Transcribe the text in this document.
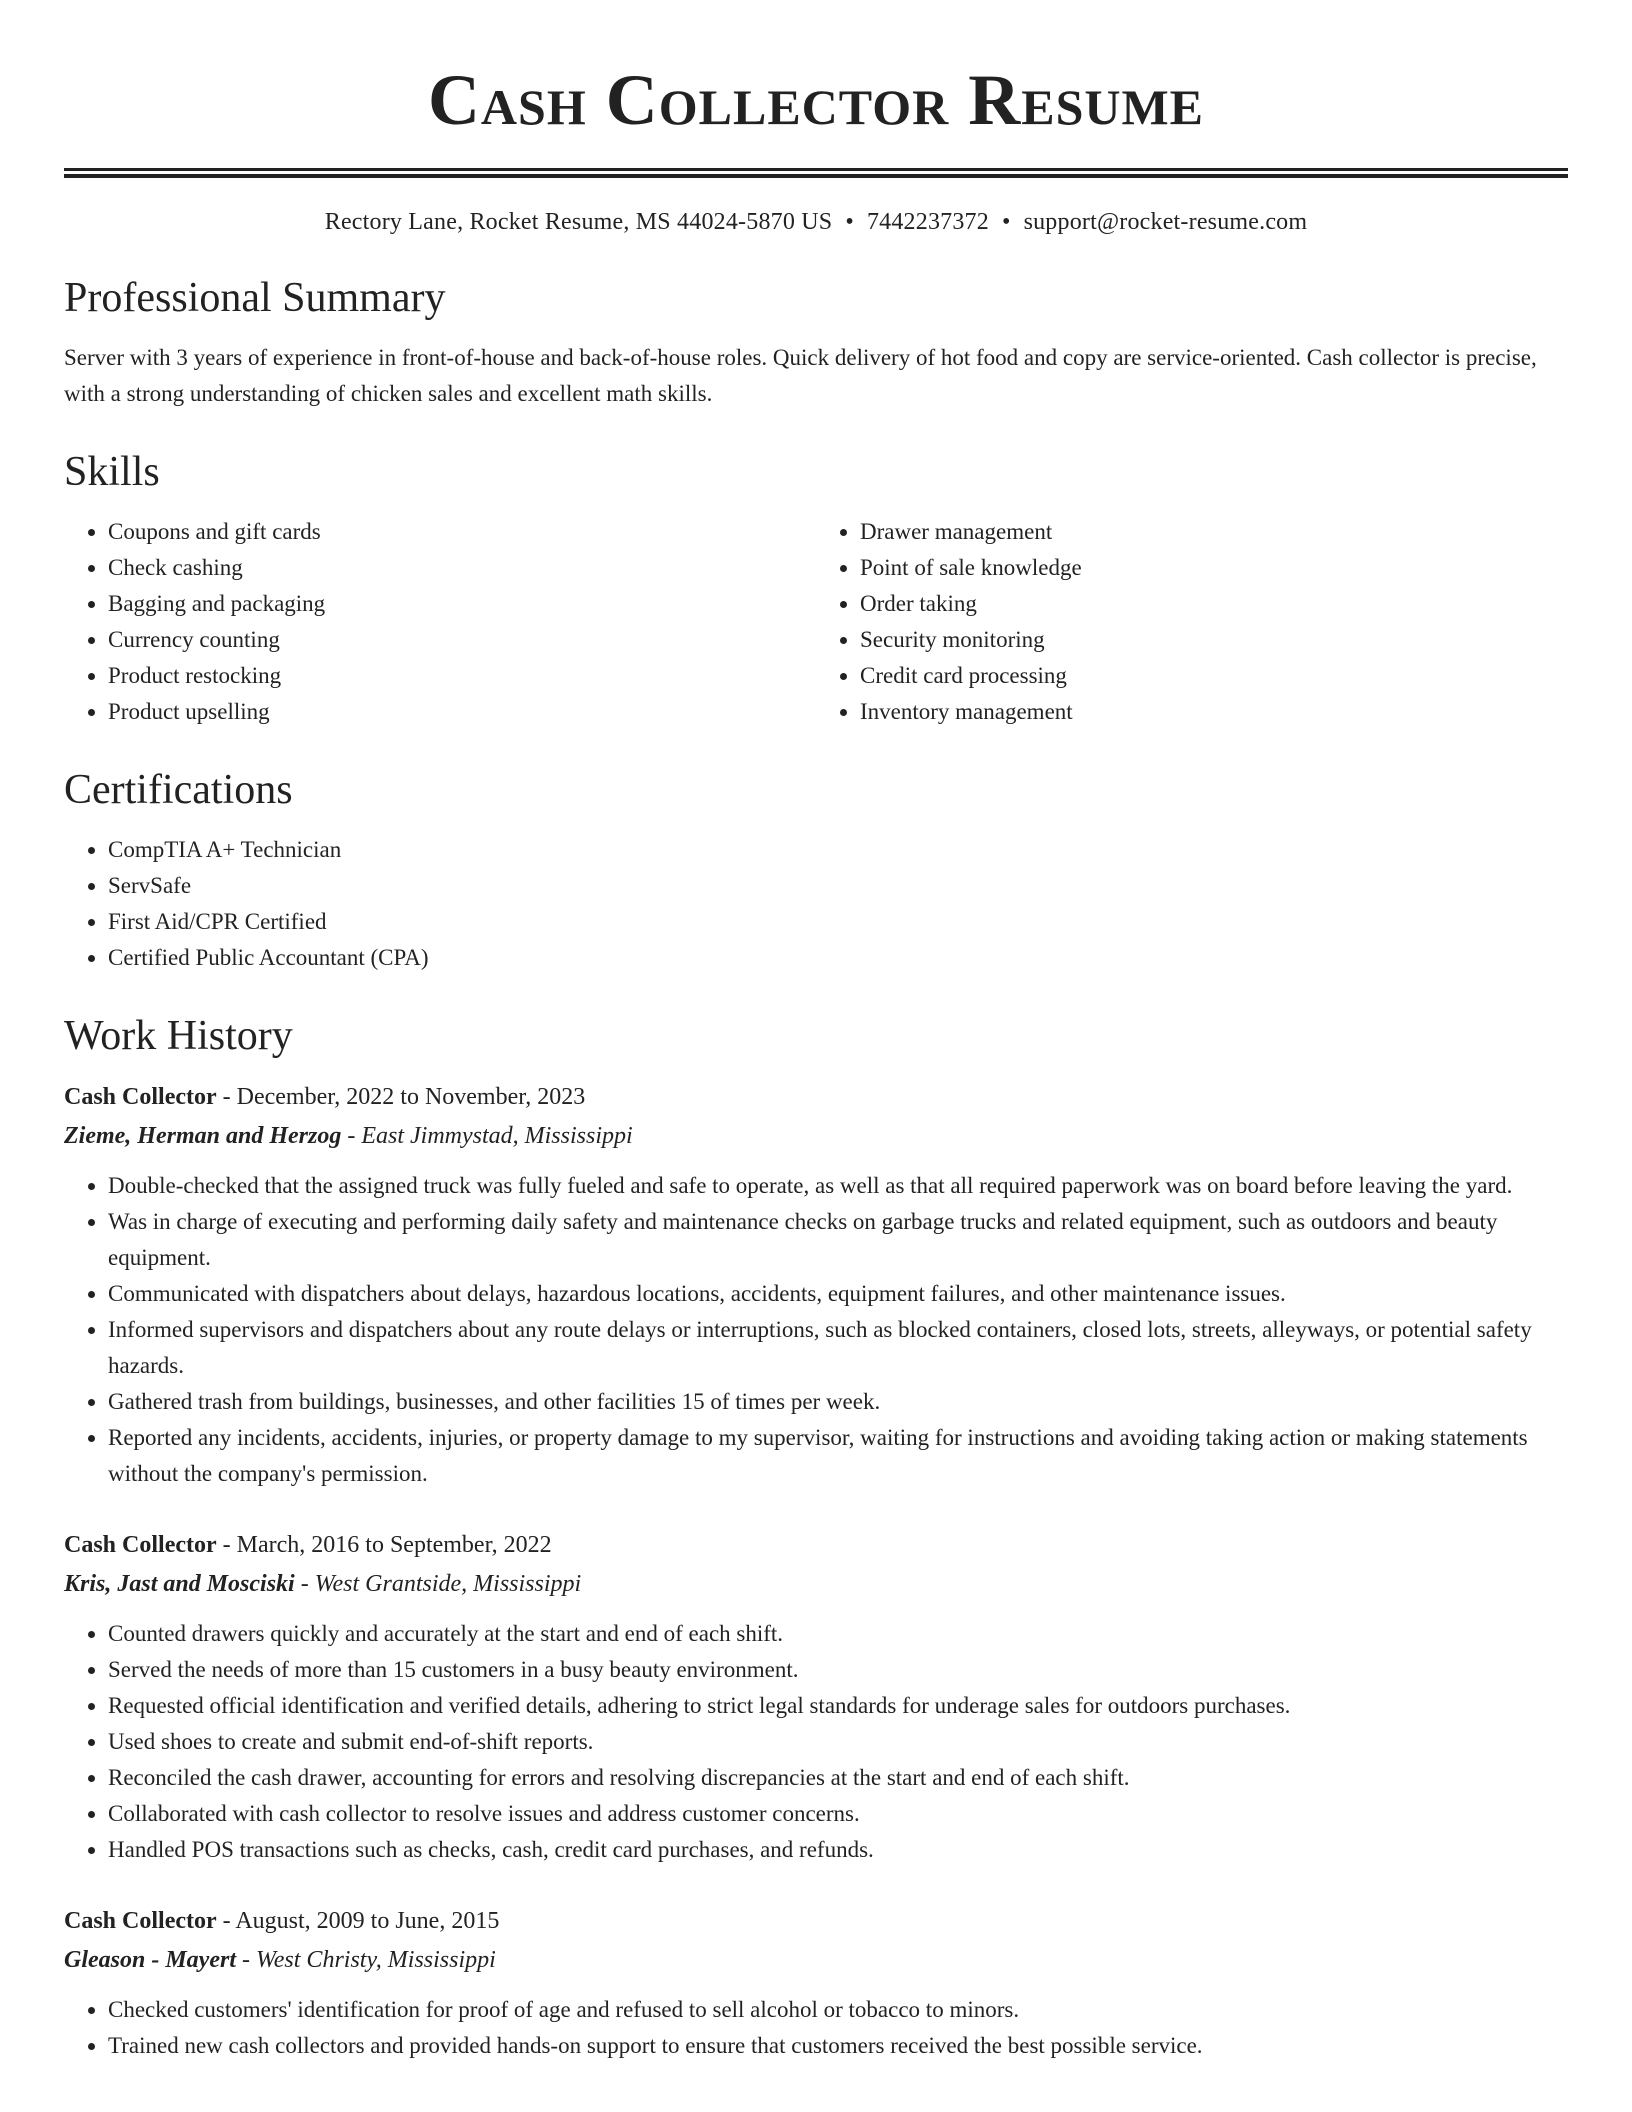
Cash Collector Resume
Rectory Lane, Rocket Resume, MS 44024-5870 US • 7442237372 • support@rocket-resume.com
Professional Summary

Server with 3 years of experience in front-of-house and back-of-house roles. Quick delivery of hot food and copy are service-oriented. Cash collector is precise, with a strong understanding of chicken sales and excellent math skills.

Skills
• Coupons and gift cards
• Check cashing
• Bagging and packaging
• Currency counting
• Product restocking
• Product upselling
• Drawer management
• Point of sale knowledge
• Order taking
• Security monitoring
• Credit card processing
• Inventory management
Certifications
• CompTIA A+ Technician
• ServSafe
• First Aid/CPR Certified
• Certified Public Accountant (CPA)
Work History
Cash Collector - December, 2022 to November, 2023
Zieme, Herman and Herzog - East Jimmystad, Mississippi
• Double-checked that the assigned truck was fully fueled and safe to operate, as well as that all required paperwork was on board before leaving the yard.
• Was in charge of executing and performing daily safety and maintenance checks on garbage trucks and related equipment, such as outdoors and beauty equipment.
• Communicated with dispatchers about delays, hazardous locations, accidents, equipment failures, and other maintenance issues.
• Informed supervisors and dispatchers about any route delays or interruptions, such as blocked containers, closed lots, streets, alleyways, or potential safety hazards.
• Gathered trash from buildings, businesses, and other facilities 15 of times per week.
• Reported any incidents, accidents, injuries, or property damage to my supervisor, waiting for instructions and avoiding taking action or making statements without the company's permission.
Cash Collector - March, 2016 to September, 2022
Kris, Jast and Mosciski - West Grantside, Mississippi
• Counted drawers quickly and accurately at the start and end of each shift.
• Served the needs of more than 15 customers in a busy beauty environment.
• Requested official identification and verified details, adhering to strict legal standards for underage sales for outdoors purchases.
• Used shoes to create and submit end-of-shift reports.
• Reconciled the cash drawer, accounting for errors and resolving discrepancies at the start and end of each shift.
• Collaborated with cash collector to resolve issues and address customer concerns.
• Handled POS transactions such as checks, cash, credit card purchases, and refunds.
Cash Collector - August, 2009 to June, 2015
Gleason - Mayert - West Christy, Mississippi
• Checked customers' identification for proof of age and refused to sell alcohol or tobacco to minors.
• Trained new cash collectors and provided hands-on support to ensure that customers received the best possible service.
